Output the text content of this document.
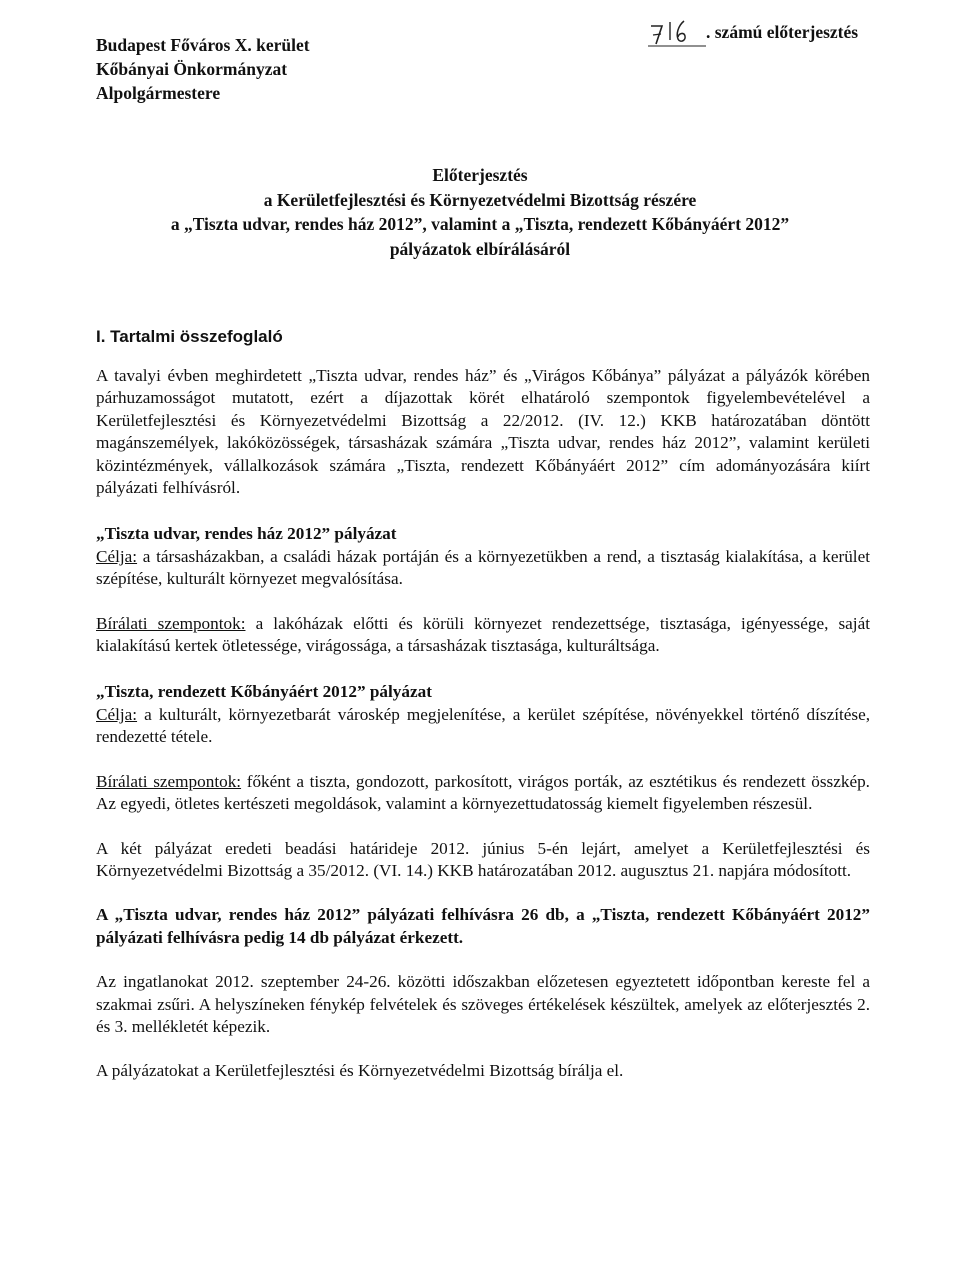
Budapest Főváros X. kerület
Kőbányai Önkormányzat
Alpolgármestere
. számú előterjesztés
Előterjesztés
a Kerületfejlesztési és Környezetvédelmi Bizottság részére
a „Tiszta udvar, rendes ház 2012”, valamint a „Tiszta, rendezett Kőbányáért 2012”
pályázatok elbírálásáról
I. Tartalmi összefoglaló

A tavalyi évben meghirdetett „Tiszta udvar, rendes ház” és „Virágos Kőbánya” pályázat a pályázók körében párhuzamosságot mutatott, ezért a díjazottak körét elhatároló szempontok figyelembevételével a Kerületfejlesztési és Környezetvédelmi Bizottság a 22/2012. (IV. 12.) KKB határozatában döntött magánszemélyek, lakóközösségek, társasházak számára „Tiszta udvar, rendes ház 2012”, valamint kerületi közintézmények, vállalkozások számára „Tiszta, rendezett Kőbányáért 2012” cím adományozására kiírt pályázati felhívásról.

„Tiszta udvar, rendes ház 2012” pályázat

Célja: a társasházakban, a családi házak portáján és a környezetükben a rend, a tisztaság kialakítása, a kerület szépítése, kulturált környezet megvalósítása.

Bírálati szempontok: a lakóházak előtti és körüli környezet rendezettsége, tisztasága, igényessége, saját kialakítású kertek ötletessége, virágossága, a társasházak tisztasága, kulturáltsága.

„Tiszta, rendezett Kőbányáért 2012” pályázat

Célja: a kulturált, környezetbarát városkép megjelenítése, a kerület szépítése, növényekkel történő díszítése, rendezetté tétele.

Bírálati szempontok: főként a tiszta, gondozott, parkosított, virágos porták, az esztétikus és rendezett összkép. Az egyedi, ötletes kertészeti megoldások, valamint a környezettudatosság kiemelt figyelemben részesül.

A két pályázat eredeti beadási határideje 2012. június 5-én lejárt, amelyet a Kerületfejlesztési és Környezetvédelmi Bizottság a 35/2012. (VI. 14.) KKB határozatában 2012. augusztus 21. napjára módosított.

A „Tiszta udvar, rendes ház 2012” pályázati felhívásra 26 db, a „Tiszta, rendezett Kőbányáért 2012” pályázati felhívásra pedig 14 db pályázat érkezett.

Az ingatlanokat 2012. szeptember 24-26. közötti időszakban előzetesen egyeztetett időpontban kereste fel a szakmai zsűri. A helyszíneken fénykép felvételek és szöveges értékelések készültek, amelyek az előterjesztés 2. és 3. mellékletét képezik.

A pályázatokat a Kerületfejlesztési és Környezetvédelmi Bizottság bírálja el.
